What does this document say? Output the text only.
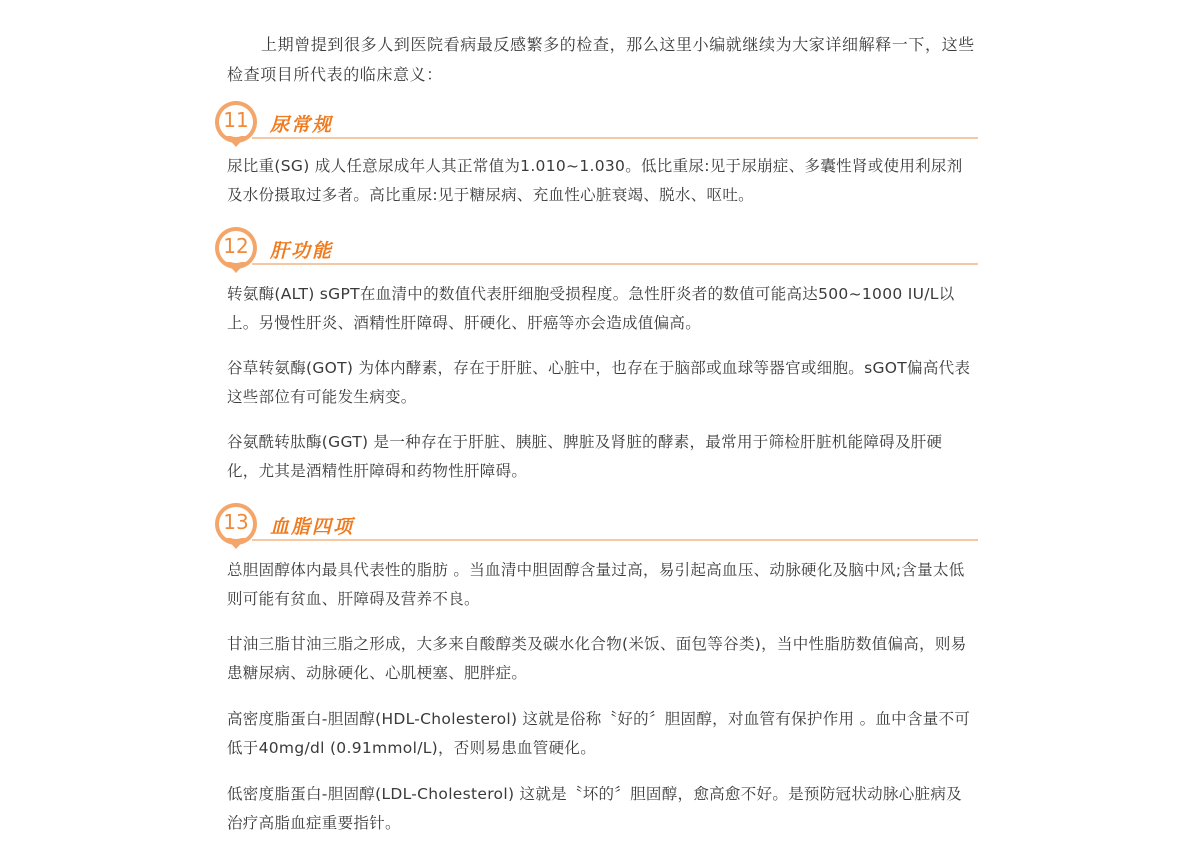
上期曾提到很多人到医院看病最反感繁多的检查，那么这里小编就继续为大家详细解释一下，这些检查项目所代表的临床意义：

11	尿常规

尿比重(SG) 成人任意尿成年人其正常值为1.010~1.030。低比重尿:见于尿崩症、多囊性肾或使用利尿剂及水份摄取过多者。高比重尿:见于糖尿病、充血性心脏衰竭、脱水、呕吐。

12	肝功能

转氨酶(ALT) sGPT在血清中的数值代表肝细胞受损程度。急性肝炎者的数值可能高达500~1000 IU/L以上。另慢性肝炎、酒精性肝障碍、肝硬化、肝癌等亦会造成值偏高。

谷草转氨酶(GOT) 为体内酵素，存在于肝脏、心脏中，也存在于脑部或血球等器官或细胞。sGOT偏高代表这些部位有可能发生病变。

谷氨酰转肽酶(GGT) 是一种存在于肝脏、胰脏、脾脏及肾脏的酵素，最常用于筛检肝脏机能障碍及肝硬化，尤其是酒精性肝障碍和药物性肝障碍。

13	血脂四项

总胆固醇体内最具代表性的脂肪 。当血清中胆固醇含量过高，易引起高血压、动脉硬化及脑中风;含量太低则可能有贫血、肝障碍及营养不良。

甘油三脂甘油三脂之形成，大多来自酸醇类及碳水化合物(米饭、面包等谷类)，当中性脂肪数值偏高，则易患糖尿病、动脉硬化、心肌梗塞、肥胖症。

高密度脂蛋白-胆固醇(HDL-Cholesterol) 这就是俗称〝好的〞胆固醇，对血管有保护作用 。血中含量不可低于40mg/dl (0.91mmol/L)，否则易患血管硬化。

低密度脂蛋白-胆固醇(LDL-Cholesterol) 这就是〝坏的〞胆固醇，愈高愈不好。是预防冠状动脉心脏病及治疗高脂血症重要指针。
